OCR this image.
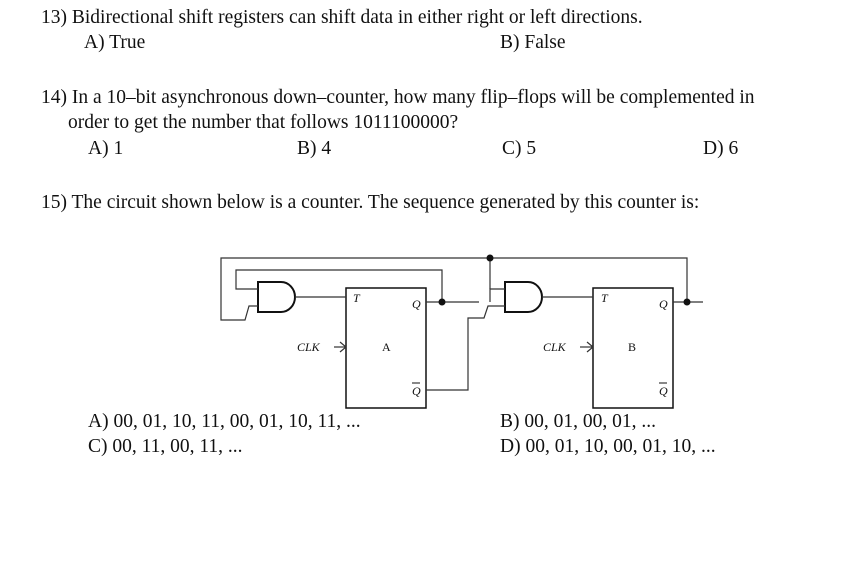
13) Bidirectional shift registers can shift data in either right or left directions.
A) True	B) False
14) In a 10–bit asynchronous down–counter, how many flip–flops will be complemented in
order to get the number that follows 1011100000?
A) 1	B) 4	C) 5	D) 6
15) The circuit shown below is a counter. The sequence generated by this counter is:
T	Q
Q
CLK	A
T	Q
Q
CLK	B
A) 00, 01, 10, 11, 00, 01, 10, 11, ...	B) 00, 01, 00, 01, ...
C) 00, 11, 00, 11, ...	D) 00, 01, 10, 00, 01, 10, ...
